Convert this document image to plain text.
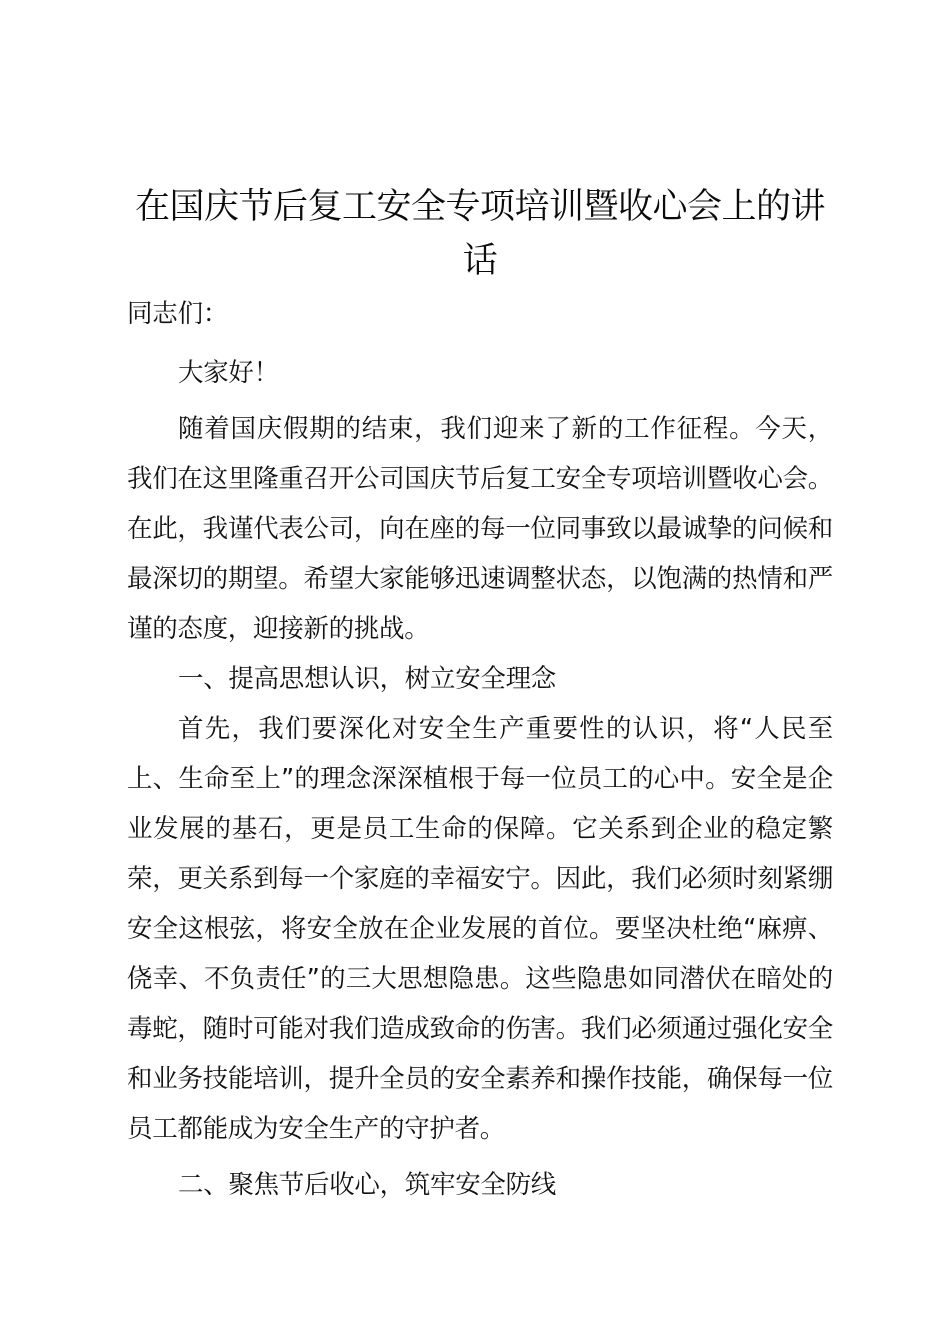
在国庆节后复工安全专项培训暨收心会上的讲话

同志们：

大家好！

随着国庆假期的结束，我们迎来了新的工作征程。今天，我们在这里隆重召开公司国庆节后复工安全专项培训暨收心会。在此，我谨代表公司，向在座的每一位同事致以最诚挚的问候和最深切的期望。希望大家能够迅速调整状态，以饱满的热情和严谨的态度，迎接新的挑战。

一、提高思想认识，树立安全理念

首先，我们要深化对安全生产重要性的认识，将“人民至上、生命至上”的理念深深植根于每一位员工的心中。安全是企业发展的基石，更是员工生命的保障。它关系到企业的稳定繁荣，更关系到每一个家庭的幸福安宁。因此，我们必须时刻紧绷安全这根弦，将安全放在企业发展的首位。要坚决杜绝“麻痹、侥幸、不负责任”的三大思想隐患。这些隐患如同潜伏在暗处的毒蛇，随时可能对我们造成致命的伤害。我们必须通过强化安全和业务技能培训，提升全员的安全素养和操作技能，确保每一位员工都能成为安全生产的守护者。

二、聚焦节后收心，筑牢安全防线
